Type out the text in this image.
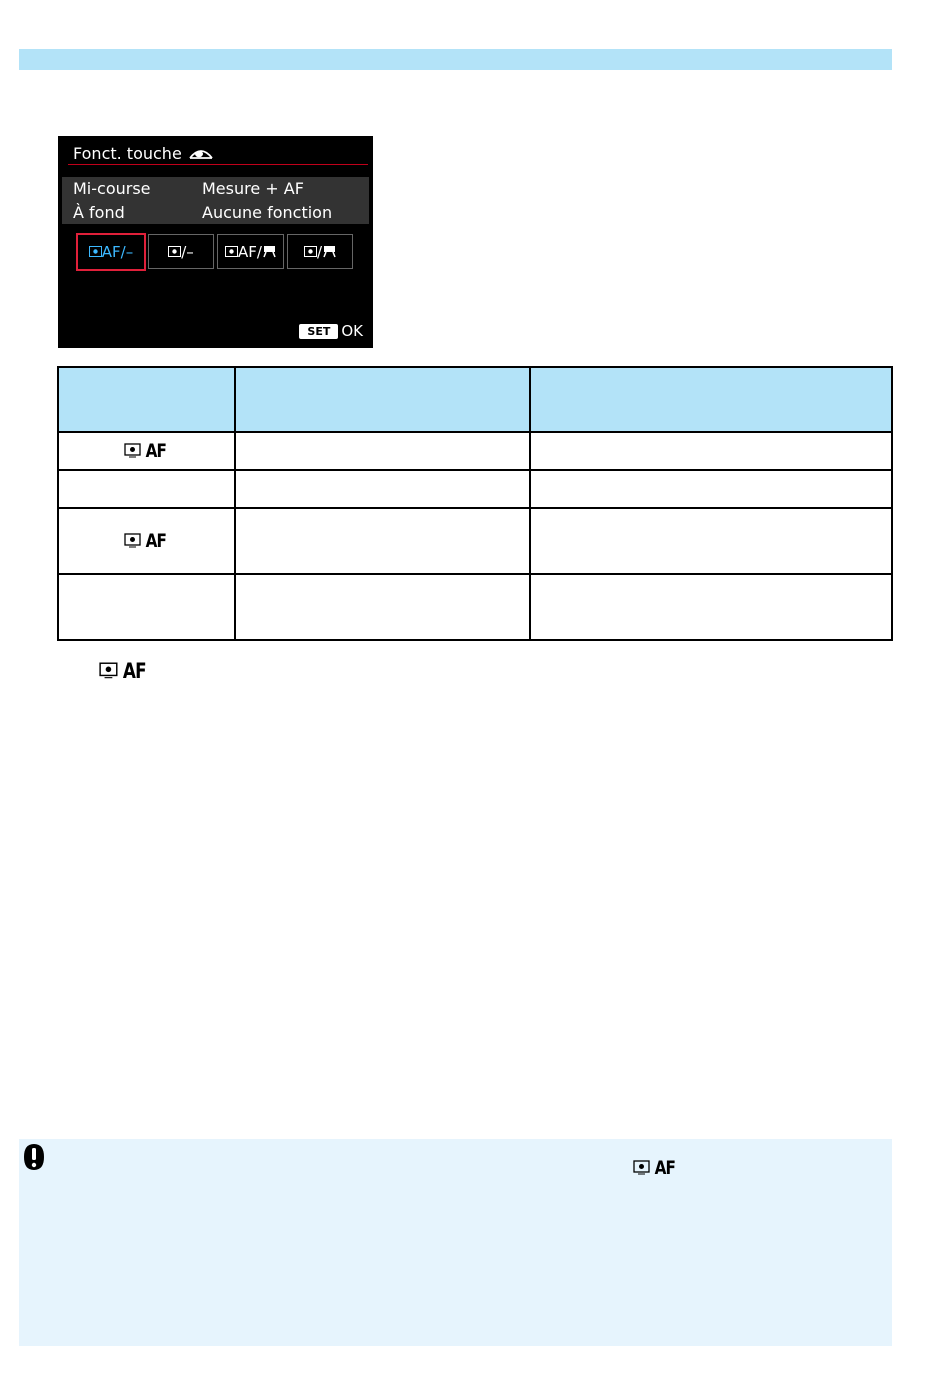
Fonct. touche
Mi-course	Mesure + AF
À fond	Aucune fonction
AF/–	/–	AF/	/
SET OK

AF		

AF		

AF
AF
